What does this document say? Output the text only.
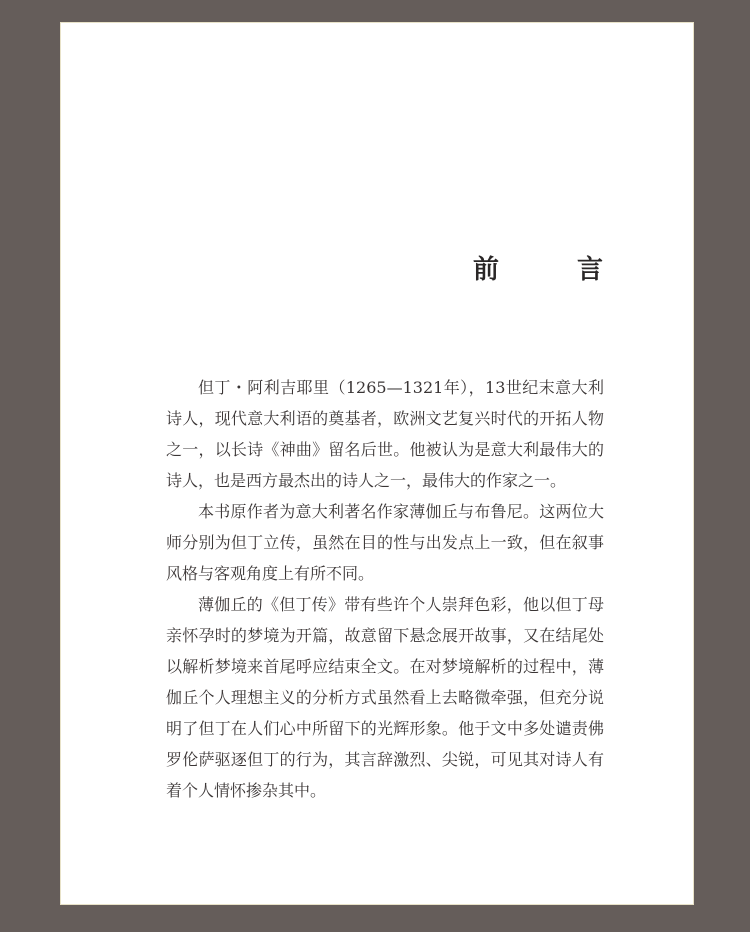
前　言

但丁・阿利吉耶里（1265—1321年），13世纪末意大利诗人，现代意大利语的奠基者，欧洲文艺复兴时代的开拓人物之一，以长诗《神曲》留名后世。他被认为是意大利最伟大的诗人，也是西方最杰出的诗人之一，最伟大的作家之一。

本书原作者为意大利著名作家薄伽丘与布鲁尼。这两位大师分别为但丁立传，虽然在目的性与出发点上一致，但在叙事风格与客观角度上有所不同。

薄伽丘的《但丁传》带有些许个人崇拜色彩，他以但丁母亲怀孕时的梦境为开篇，故意留下悬念展开故事，又在结尾处以解析梦境来首尾呼应结束全文。在对梦境解析的过程中，薄伽丘个人理想主义的分析方式虽然看上去略微牵强，但充分说明了但丁在人们心中所留下的光辉形象。他于文中多处谴责佛罗伦萨驱逐但丁的行为，其言辞激烈、尖锐，可见其对诗人有着个人情怀掺杂其中。
